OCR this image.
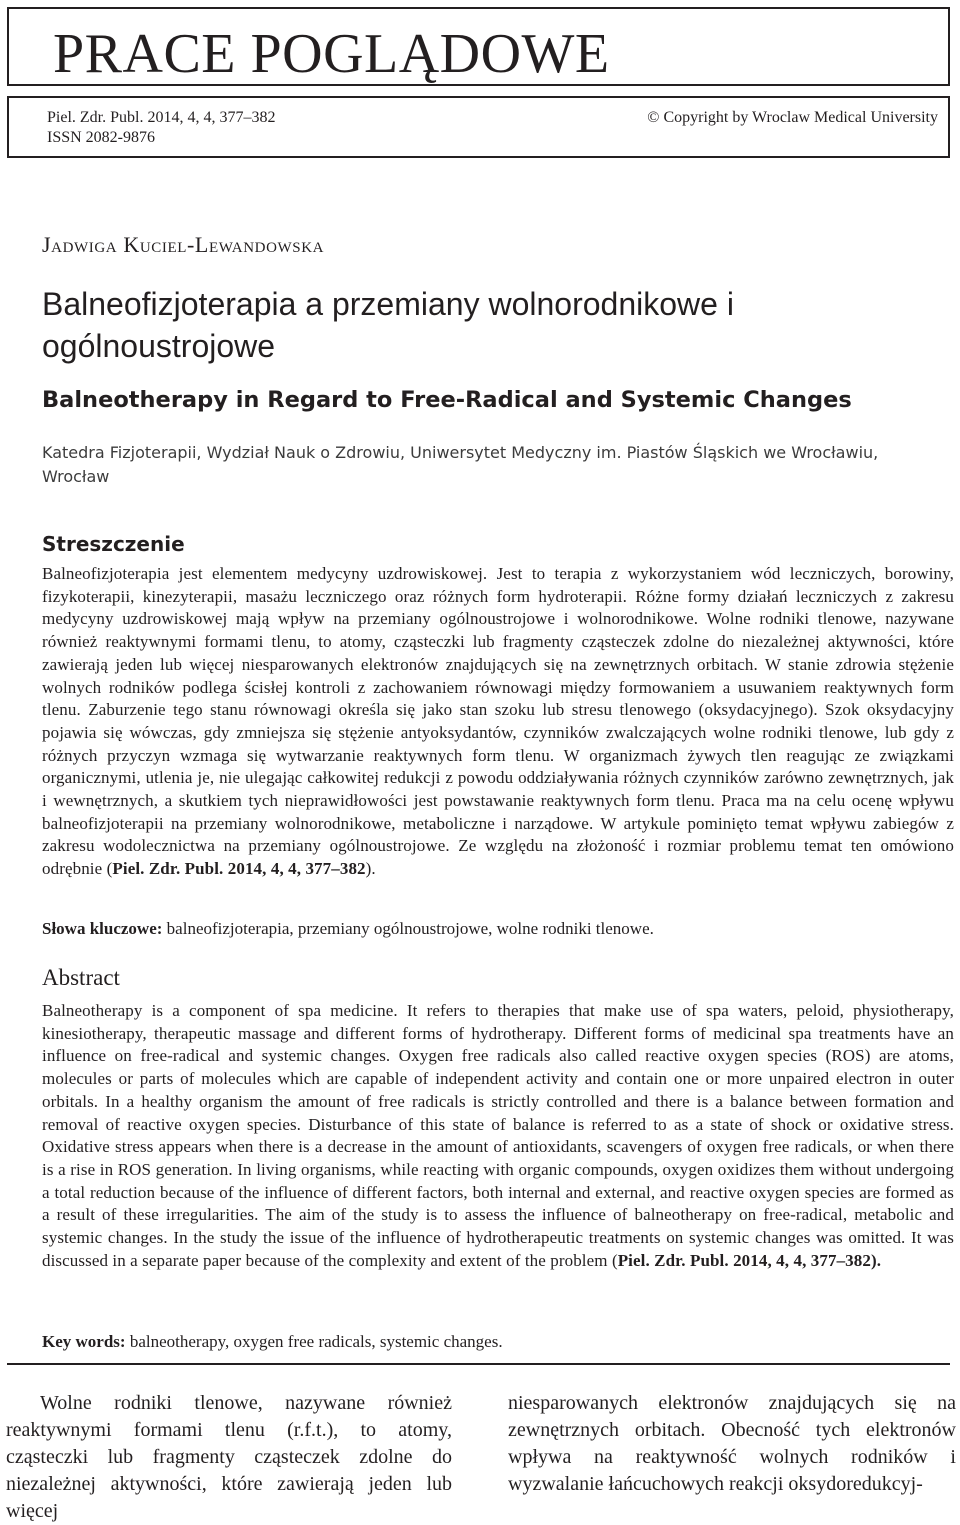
PRACE POGLĄDOWE
Piel. Zdr. Publ. 2014, 4, 4, 377–382
ISSN 2082-9876
© Copyright by Wroclaw Medical University
Jadwiga Kuciel-Lewandowska
Balneofizjoterapia a przemiany wolnorodnikowe i ogólnoustrojowe
Balneotherapy in Regard to Free-Radical and Systemic Changes
Katedra Fizjoterapii, Wydział Nauk o Zdrowiu, Uniwersytet Medyczny im. Piastów Śląskich we Wrocławiu, Wrocław
Streszczenie

Balneofizjoterapia jest elementem medycyny uzdrowiskowej. Jest to terapia z wykorzystaniem wód leczniczych, borowiny, fizykoterapii, kinezyterapii, masażu leczniczego oraz różnych form hydroterapii. Różne formy działań leczniczych z zakresu medycyny uzdrowiskowej mają wpływ na przemiany ogólnoustrojowe i wolnorodnikowe. Wolne rodniki tlenowe, nazywane również reaktywnymi formami tlenu, to atomy, cząsteczki lub fragmenty cząsteczek zdolne do niezależnej aktywności, które zawierają jeden lub więcej niesparowanych elektronów znajdujących się na zewnętrznych orbitach. W stanie zdrowia stężenie wolnych rodników podlega ścisłej kontroli z zachowaniem równowagi między formowaniem a usuwaniem reaktywnych form tlenu. Zaburzenie tego stanu równowagi określa się jako stan szoku lub stresu tlenowego (oksydacyjnego). Szok oksydacyjny pojawia się wówczas, gdy zmniejsza się stężenie antyoksydantów, czynników zwalczających wolne rodniki tlenowe, lub gdy z różnych przyczyn wzmaga się wytwarzanie reaktywnych form tlenu. W organizmach żywych tlen reagując ze związkami organicznymi, utlenia je, nie ulegając całkowitej redukcji z powodu oddziaływania różnych czynników zarówno zewnętrznych, jak i wewnętrznych, a skutkiem tych nieprawidłowości jest powstawanie reaktywnych form tlenu. Praca ma na celu ocenę wpływu balneofizjoterapii na przemiany wolnorodnikowe, metaboliczne i narządowe. W artykule pominięto temat wpływu zabiegów z zakresu wodolecznictwa na przemiany ogólnoustrojowe. Ze względu na złożoność i rozmiar problemu temat ten omówiono odrębnie (Piel. Zdr. Publ. 2014, 4, 4, 377–382).

Słowa kluczowe: balneofizjoterapia, przemiany ogólnoustrojowe, wolne rodniki tlenowe.

Abstract

Balneotherapy is a component of spa medicine. It refers to therapies that make use of spa waters, peloid, physiotherapy, kinesiotherapy, therapeutic massage and different forms of hydrotherapy. Different forms of medicinal spa treatments have an influence on free-radical and systemic changes. Oxygen free radicals also called reactive oxygen species (ROS) are atoms, molecules or parts of molecules which are capable of independent activity and contain one or more unpaired electron in outer orbitals. In a healthy organism the amount of free radicals is strictly controlled and there is a balance between formation and removal of reactive oxygen species. Disturbance of this state of balance is referred to as a state of shock or oxidative stress. Oxidative stress appears when there is a decrease in the amount of antioxidants, scavengers of oxygen free radicals, or when there is a rise in ROS generation. In living organisms, while reacting with organic compounds, oxygen oxidizes them without undergoing a total reduction because of the influence of different factors, both internal and external, and reactive oxygen species are formed as a result of these irregularities. The aim of the study is to assess the influence of balneotherapy on free-radical, metabolic and systemic changes. In the study the issue of the influence of hydrotherapeutic treatments on systemic changes was omitted. It was discussed in a separate paper because of the complexity and extent of the problem (Piel. Zdr. Publ. 2014, 4, 4, 377–382).

Key words: balneotherapy, oxygen free radicals, systemic changes.

Wolne rodniki tlenowe, nazywane również reaktywnymi formami tlenu (r.f.t.), to atomy, cząsteczki lub fragmenty cząsteczek zdolne do niezależnej aktywności, które zawierają jeden lub więcej

niesparowanych elektronów znajdujących się na zewnętrznych orbitach. Obecność tych elektronów wpływa na reaktywność wolnych rodników i wyzwalanie łańcuchowych reakcji oksydoredukcyj-
